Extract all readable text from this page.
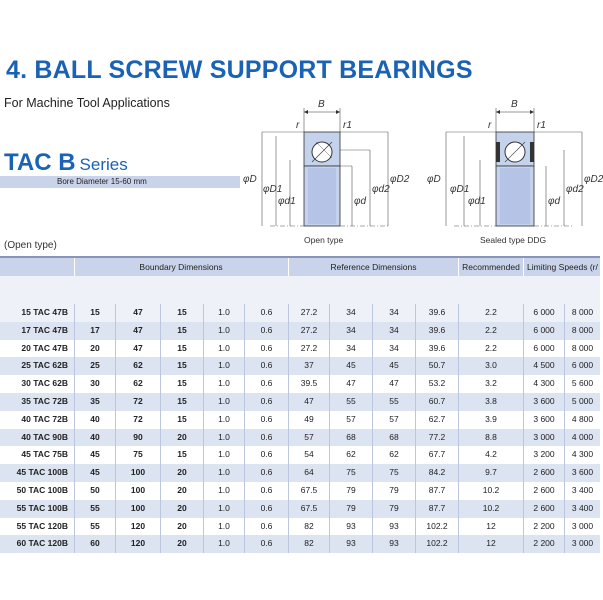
4. BALL SCREW SUPPORT BEARINGS
For Machine Tool Applications
TAC B Series
Bore Diameter 15-60 mm
B
r	r1
φD
φD1
φd1	φd
φd2
φD2
Open type
B
r	r1
φD
φD1
φd1	φd
φd2
φD2
Sealed type DDG
(Open type)
Boundary Dimensions	Reference Dimensions	Recommended Limiting Speeds (r/
15 TAC 47B	15	47	15	1.0	0.6	27.2	34	34	39.6	2.2	6 000	8 000
17 TAC 47B	17	47	15	1.0	0.6	27.2	34	34	39.6	2.2	6 000	8 000
20 TAC 47B	20	47	15	1.0	0.6	27.2	34	34	39.6	2.2	6 000	8 000
25 TAC 62B	25	62	15	1.0	0.6	37	45	45	50.7	3.0	4 500	6 000
30 TAC 62B	30	62	15	1.0	0.6	39.5	47	47	53.2	3.2	4 300	5 600
35 TAC 72B	35	72	15	1.0	0.6	47	55	55	60.7	3.8	3 600	5 000
40 TAC 72B	40	72	15	1.0	0.6	49	57	57	62.7	3.9	3 600	4 800
40 TAC 90B	40	90	20	1.0	0.6	57	68	68	77.2	8.8	3 000	4 000
45 TAC 75B	45	75	15	1.0	0.6	54	62	62	67.7	4.2	3 200	4 300
45 TAC 100B	45	100	20	1.0	0.6	64	75	75	84.2	9.7	2 600	3 600
50 TAC 100B	50	100	20	1.0	0.6	67.5	79	79	87.7	10.2	2 600	3 400
55 TAC 100B	55	100	20	1.0	0.6	67.5	79	79	87.7	10.2	2 600	3 400
55 TAC 120B	55	120	20	1.0	0.6	82	93	93	102.2	12	2 200	3 000
60 TAC 120B	60	120	20	1.0	0.6	82	93	93	102.2	12	2 200	3 000
